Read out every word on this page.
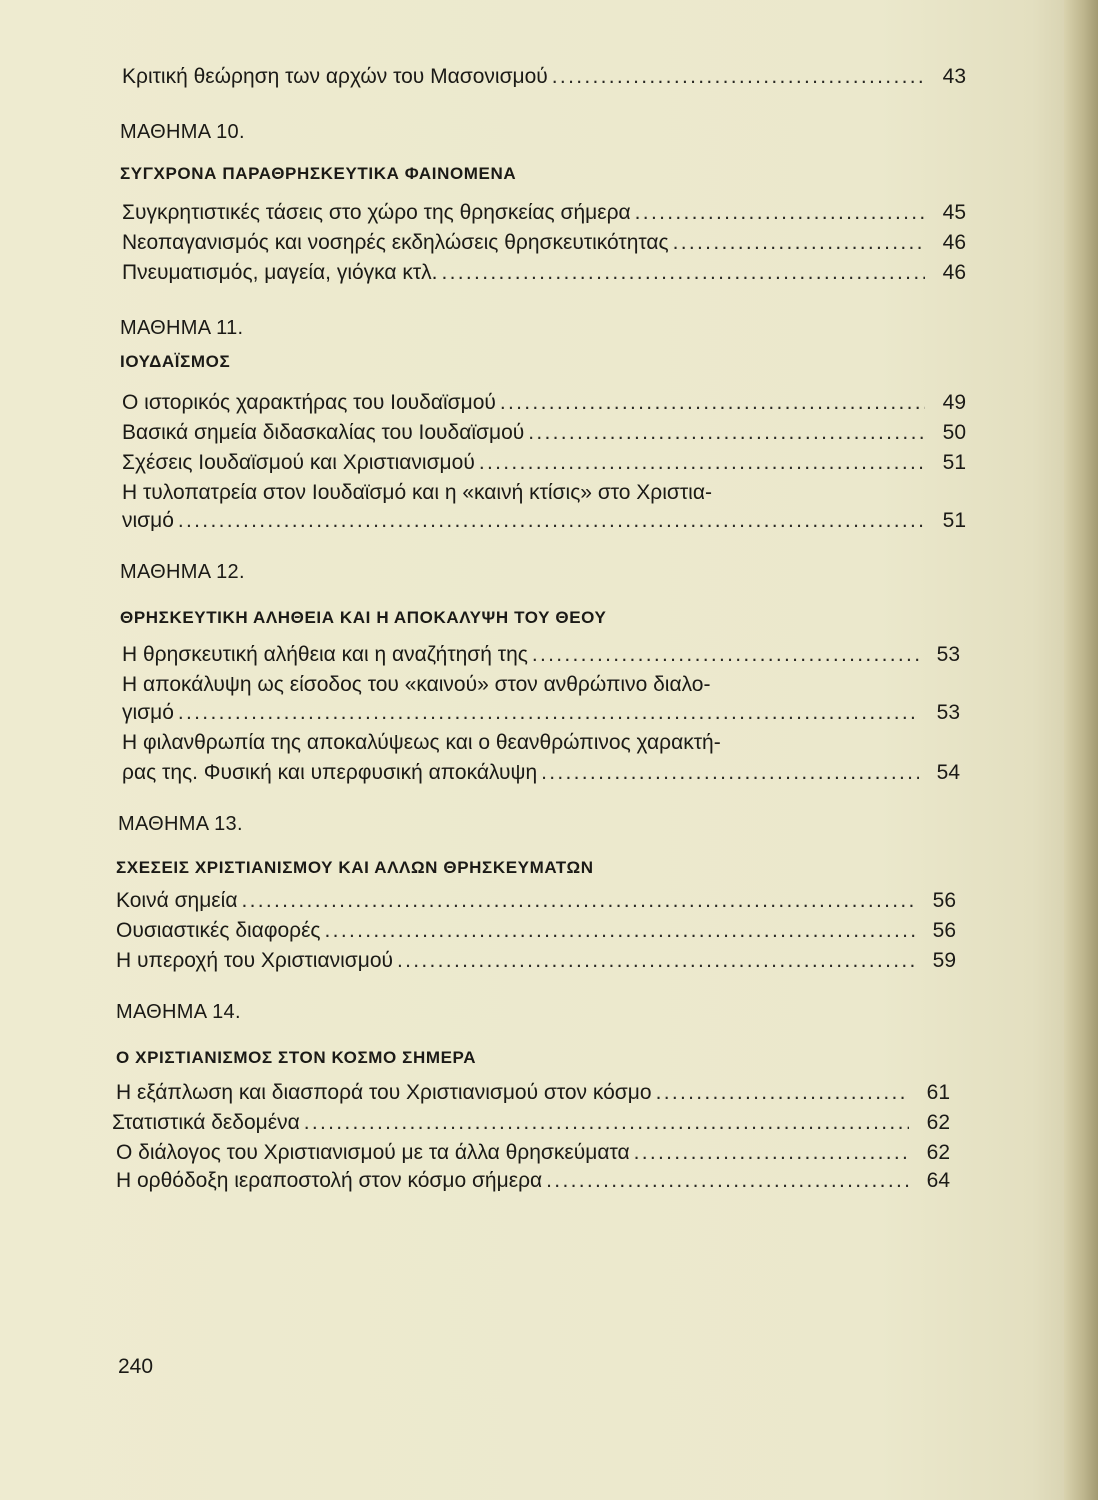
Κριτική θεώρηση των αρχών του Μασονισμού .....	43
ΜΑΘΗΜΑ 10.
ΣΥΓΧΡΟΝΑ ΠΑΡΑΘΡΗΣΚΕΥΤΙΚΑ ΦΑΙΝΟΜΕΝΑ
Συγκρητιστικές τάσεις στο χώρο της θρησκείας σήμερα .....	45
Νεοπαγανισμός και νοσηρές εκδηλώσεις θρησκευτικότητας .....	46
Πνευματισμός, μαγεία, γιόγκα κτλ. .....	46
ΜΑΘΗΜΑ 11.
ΙΟΥΔΑΪΣΜΟΣ
Ο ιστορικός χαρακτήρας του Ιουδαϊσμού .....	49
Βασικά σημεία διδασκαλίας του Ιουδαϊσμού .....	50
Σχέσεις Ιουδαϊσμού και Χριστιανισμού .....	51
Η τυλοπατρεία στον Ιουδαϊσμό και η «καινή κτίσις» στο Χριστια-
νισμό .....	51
ΜΑΘΗΜΑ 12.
ΘΡΗΣΚΕΥΤΙΚΗ ΑΛΗΘΕΙΑ ΚΑΙ Η ΑΠΟΚΑΛΥΨΗ ΤΟΥ ΘΕΟΥ
Η θρησκευτική αλήθεια και η αναζήτησή της .....	53
Η αποκάλυψη ως είσοδος του «καινού» στον ανθρώπινο διαλο-
γισμό .....	53
Η φιλανθρωπία της αποκαλύψεως και ο θεανθρώπινος χαρακτή-
ρας της. Φυσική και υπερφυσική αποκάλυψη .....	54
ΜΑΘΗΜΑ 13.
ΣΧΕΣΕΙΣ ΧΡΙΣΤΙΑΝΙΣΜΟΥ ΚΑΙ ΑΛΛΩΝ ΘΡΗΣΚΕΥΜΑΤΩΝ
Κοινά σημεία .....	56
Ουσιαστικές διαφορές .....	56
Η υπεροχή του Χριστιανισμού .....	59
ΜΑΘΗΜΑ 14.
Ο ΧΡΙΣΤΙΑΝΙΣΜΟΣ ΣΤΟΝ ΚΟΣΜΟ ΣΗΜΕΡΑ
Η εξάπλωση και διασπορά του Χριστιανισμού στον κόσμο .....	61
Στατιστικά δεδομένα .....	62
Ο διάλογος του Χριστιανισμού με τα άλλα θρησκεύματα .....	62
Η ορθόδοξη ιεραποστολή στον κόσμο σήμερα .....	64
240
